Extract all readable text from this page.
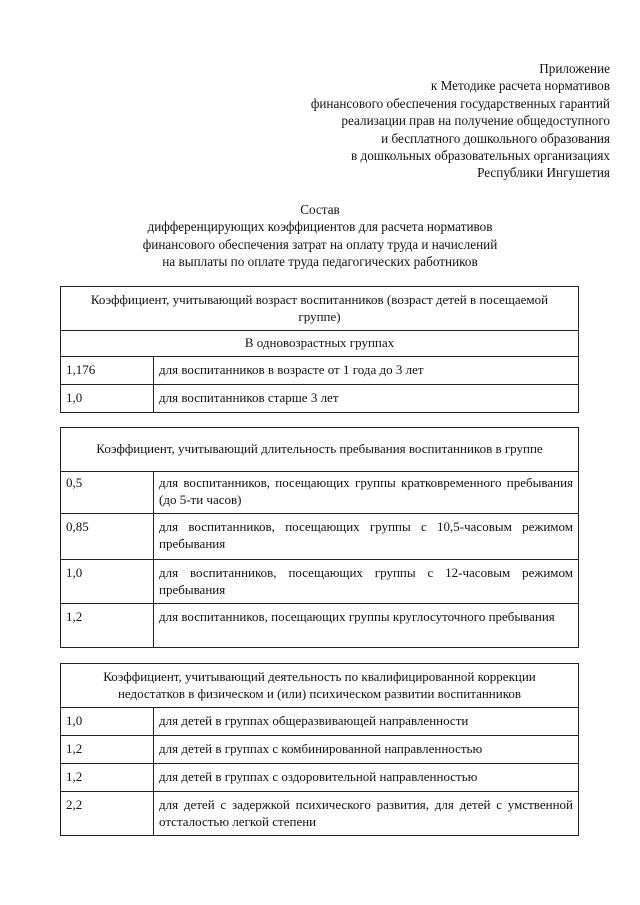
Приложение
к Методике расчета нормативов
финансового обеспечения государственных гарантий
реализации прав на получение общедоступного
и бесплатного дошкольного образования
в дошкольных образовательных организациях
Республики Ингушетия
Состав
дифференцирующих коэффициентов для расчета нормативов
финансового обеспечения затрат на оплату труда и начислений
на выплаты по оплате труда педагогических работников
Коэффициент, учитывающий возраст воспитанников (возраст детей в посещаемой группе)	
В одновозрастных группах	
1,176	для воспитанников в возрасте от 1 года до 3 лет
1,0	для воспитанников старше 3 лет
Коэффициент, учитывающий длительность пребывания воспитанников в группе	
0,5	для воспитанников, посещающих группы кратковременного пребывания (до 5-ти часов)
0,85	для воспитанников, посещающих группы с 10,5-часовым режимом пребывания
1,0	для воспитанников, посещающих группы с 12-часовым режимом пребывания
1,2	для воспитанников, посещающих группы круглосуточного пребывания
Коэффициент, учитывающий деятельность по квалифицированной коррекции недостатков в физическом и (или) психическом развитии воспитанников	
1,0	для детей в группах общеразвивающей направленности
1,2	для детей в группах с комбинированной направленностью
1,2	для детей в группах с оздоровительной направленностью
2,2	для детей с задержкой психического развития, для детей с умственной отсталостью легкой степени
